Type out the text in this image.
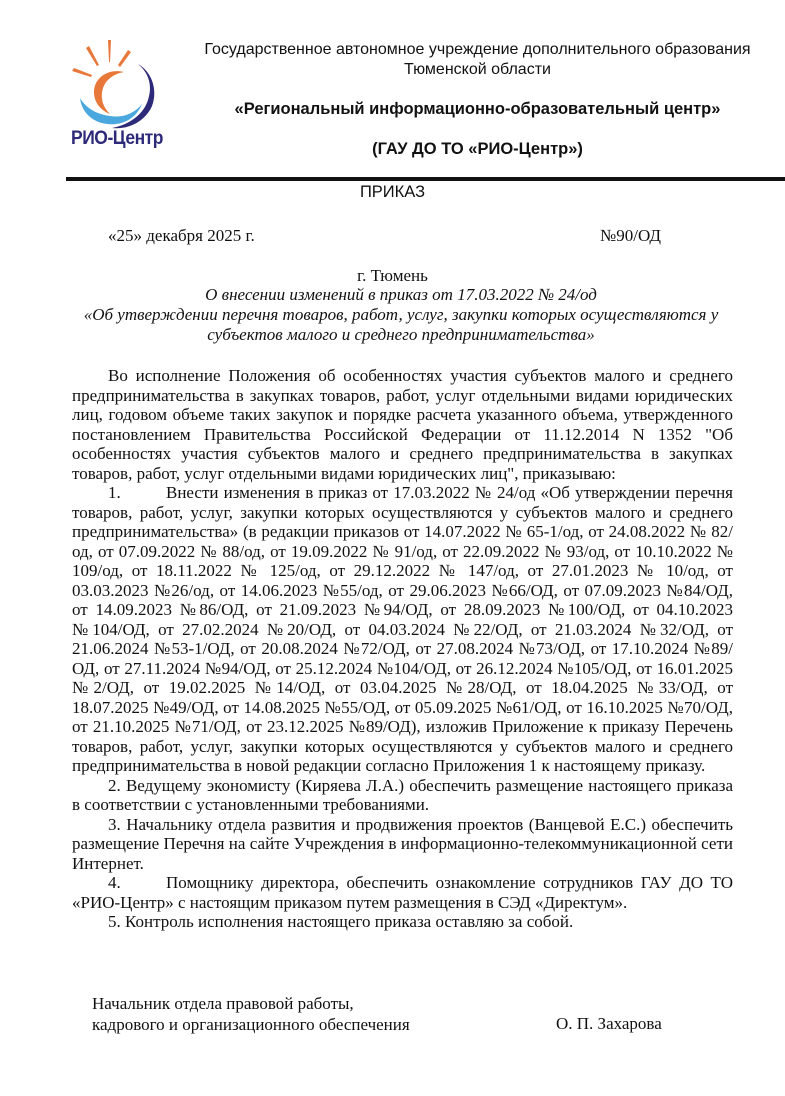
РИО-Центр
Государственное автономное учреждение дополнительного образования
Тюменской области
«Региональный информационно-образовательный центр»
(ГАУ ДО ТО «РИО-Центр»)
ПРИКАЗ
«25» декабря 2025 г.	№90/ОД
г. Тюмень
О внесении изменений в приказ от 17.03.2022 № 24/од
«Об утверждении перечня товаров, работ, услуг, закупки которых осуществляются у
субъектов малого и среднего предпринимательства»

Во исполнение Положения об особенностях участия субъектов малого и среднего предпринимательства в закупках товаров, работ, услуг отдельными видами юридических лиц, годовом объеме таких закупок и порядке расчета указанного объема, утвержденного постановлением Правительства Российской Федерации от 11.12.2014 N 1352 "Об особенностях участия субъектов малого и среднего предпринимательства в закупках товаров, работ, услуг отдельными видами юридических лиц", приказываю:

1.	Внести изменения в приказ от 17.03.2022 № 24/од «Об утверждении перечня товаров, работ, услуг, закупки которых осуществляются у субъектов малого и среднего предпринимательства» (в редакции приказов от 14.07.2022 № 65-1/од, от 24.08.2022 № 82/од, от 07.09.2022 № 88/од, от 19.09.2022 № 91/од, от 22.09.2022 № 93/од, от 10.10.2022 № 109/од, от 18.11.2022 № 125/од, от 29.12.2022 № 147/од, от 27.01.2023 № 10/од, от 03.03.2023 №26/од, от 14.06.2023 №55/од, от 29.06.2023 №66/ОД, от 07.09.2023 №84/ОД, от 14.09.2023 №86/ОД, от 21.09.2023 №94/ОД, от 28.09.2023 №100/ОД, от 04.10.2023 №104/ОД, от 27.02.2024 №20/ОД, от 04.03.2024 №22/ОД, от 21.03.2024 №32/ОД, от 21.06.2024 №53-1/ОД, от 20.08.2024 №72/ОД, от 27.08.2024 №73/ОД, от 17.10.2024 №89/ОД, от 27.11.2024 №94/ОД, от 25.12.2024 №104/ОД, от 26.12.2024 №105/ОД, от 16.01.2025 №2/ОД, от 19.02.2025 №14/ОД, от 03.04.2025 №28/ОД, от 18.04.2025 №33/ОД, от 18.07.2025 №49/ОД, от 14.08.2025 №55/ОД, от 05.09.2025 №61/ОД, от 16.10.2025 №70/ОД, от 21.10.2025 №71/ОД, от 23.12.2025 №89/ОД), изложив Приложение к приказу Перечень товаров, работ, услуг, закупки которых осуществляются у субъектов малого и среднего предпринимательства в новой редакции согласно Приложения 1 к настоящему приказу.

2. Ведущему экономисту (Киряева Л.А.) обеспечить размещение настоящего приказа в соответствии с установленными требованиями.

3. Начальнику отдела развития и продвижения проектов (Ванцевой Е.С.) обеспечить размещение Перечня на сайте Учреждения в информационно-телекоммуникационной сети Интернет.

4.	Помощнику директора, обеспечить ознакомление сотрудников ГАУ ДО ТО «РИО-Центр» с настоящим приказом путем размещения в СЭД «Директум».

5. Контроль исполнения настоящего приказа оставляю за собой.

Начальник отдела правовой работы,
кадрового и организационного обеспечения	О. П. Захарова
